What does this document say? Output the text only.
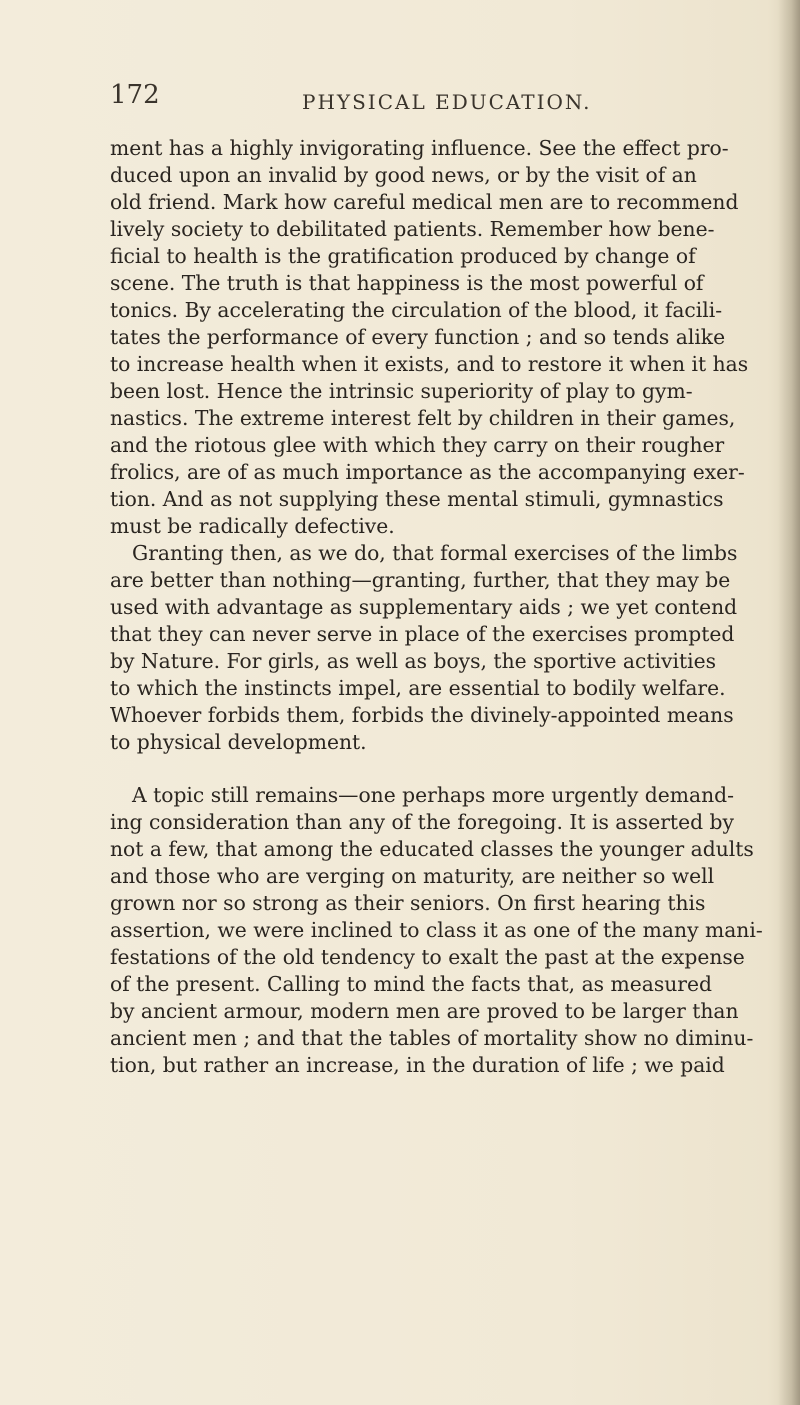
172	PHYSICAL EDUCATION.

ment has a highly invigorating influence. See the effect pro-
duced upon an invalid by good news, or by the visit of an
old friend. Mark how careful medical men are to recommend
lively society to debilitated patients. Remember how bene-
ficial to health is the gratification produced by change of
scene. The truth is that happiness is the most powerful of
tonics. By accelerating the circulation of the blood, it facili-
tates the performance of every function ; and so tends alike
to increase health when it exists, and to restore it when it has
been lost. Hence the intrinsic superiority of play to gym-
nastics. The extreme interest felt by children in their games,
and the riotous glee with which they carry on their rougher
frolics, are of as much importance as the accompanying exer-
tion. And as not supplying these mental stimuli, gymnastics
must be radically defective.

Granting then, as we do, that formal exercises of the limbs
are better than nothing—granting, further, that they may be
used with advantage as supplementary aids ; we yet contend
that they can never serve in place of the exercises prompted
by Nature. For girls, as well as boys, the sportive activities
to which the instincts impel, are essential to bodily welfare.
Whoever forbids them, forbids the divinely-appointed means
to physical development.

A topic still remains—one perhaps more urgently demand-
ing consideration than any of the foregoing. It is asserted by
not a few, that among the educated classes the younger adults
and those who are verging on maturity, are neither so well
grown nor so strong as their seniors. On first hearing this
assertion, we were inclined to class it as one of the many mani-
festations of the old tendency to exalt the past at the expense
of the present. Calling to mind the facts that, as measured
by ancient armour, modern men are proved to be larger than
ancient men ; and that the tables of mortality show no diminu-
tion, but rather an increase, in the duration of life ; we paid
